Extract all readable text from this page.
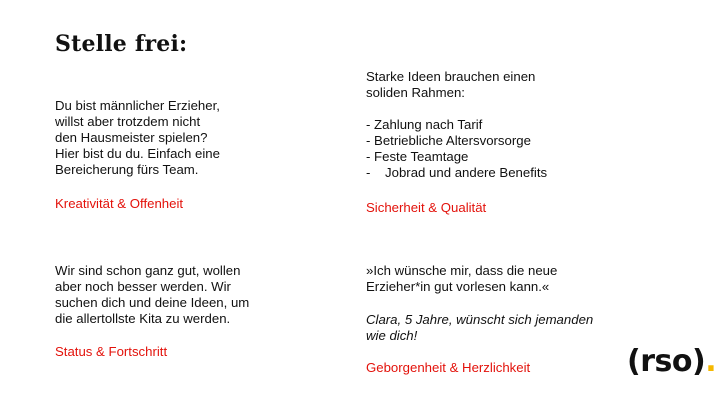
Stelle frei:
Du bist männlicher Erzieher,
willst aber trotzdem nicht
den Hausmeister spielen?
Hier bist du du. Einfach eine
Bereicherung fürs Team.
Kreativität & Offenheit
Starke Ideen brauchen einen
soliden Rahmen:
- Zahlung nach Tarif
- Betriebliche Altersvorsorge
- Feste Teamtage
-    Jobrad und andere Benefits
Sicherheit & Qualität
Wir sind schon ganz gut, wollen
aber noch besser werden. Wir
suchen dich und deine Ideen, um
die allertollste Kita zu werden.
Status & Fortschritt
»Ich wünsche mir, dass die neue
Erzieher*in gut vorlesen kann.«
Clara, 5 Jahre, wünscht sich jemanden
wie dich!
Geborgenheit & Herzlichkeit	(rso).
